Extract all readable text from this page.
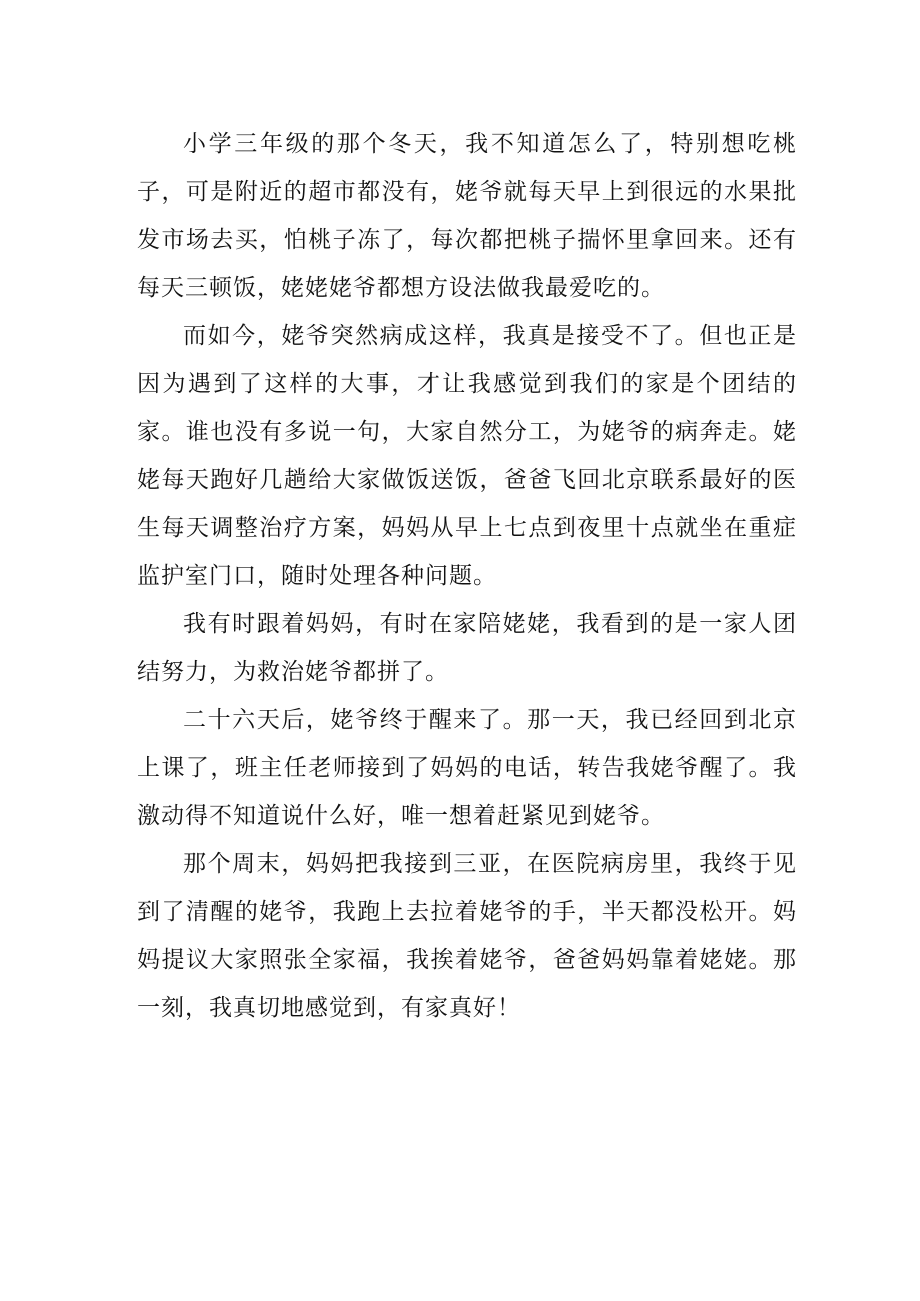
小学三年级的那个冬天，我不知道怎么了，特别想吃桃子，可是附近的超市都没有，姥爷就每天早上到很远的水果批发市场去买，怕桃子冻了，每次都把桃子揣怀里拿回来。还有每天三顿饭，姥姥姥爷都想方设法做我最爱吃的。

而如今，姥爷突然病成这样，我真是接受不了。但也正是因为遇到了这样的大事，才让我感觉到我们的家是个团结的家。谁也没有多说一句，大家自然分工，为姥爷的病奔走。姥姥每天跑好几趟给大家做饭送饭，爸爸飞回北京联系最好的医生每天调整治疗方案，妈妈从早上七点到夜里十点就坐在重症监护室门口，随时处理各种问题。

我有时跟着妈妈，有时在家陪姥姥，我看到的是一家人团结努力，为救治姥爷都拼了。

二十六天后，姥爷终于醒来了。那一天，我已经回到北京上课了，班主任老师接到了妈妈的电话，转告我姥爷醒了。我激动得不知道说什么好，唯一想着赶紧见到姥爷。

那个周末，妈妈把我接到三亚，在医院病房里，我终于见到了清醒的姥爷，我跑上去拉着姥爷的手，半天都没松开。妈妈提议大家照张全家福，我挨着姥爷，爸爸妈妈靠着姥姥。那一刻，我真切地感觉到，有家真好！
